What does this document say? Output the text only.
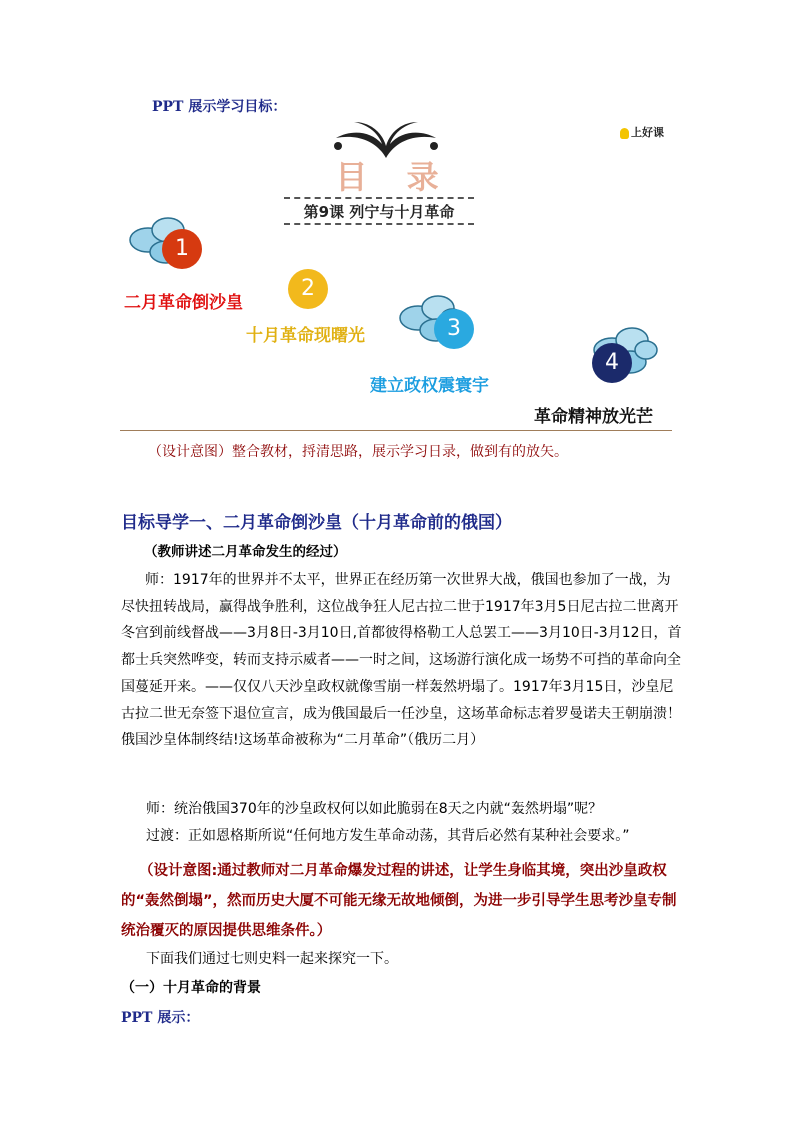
PPT 展示学习目标：
目 录
第9课 列宁与十月革命
上好课
1
二月革命倒沙皇
2
十月革命现曙光	3
建立政权震寰宇
4
革命精神放光芒
（设计意图）整合教材，捋清思路，展示学习日录，做到有的放矢。
目标导学一、二月革命倒沙皇（十月革命前的俄国）
（教师讲述二月革命发生的经过）
师：1917年的世界并不太平，世界正在经历第一次世界大战，俄国也参加了一战，为尽快扭转战局，赢得战争胜利，这位战争狂人尼古拉二世于1917年3月5日尼古拉二世离开冬宫到前线督战——3月8日-3月10日,首都彼得格勒工人总罢工——3月10日-3月12日，首都士兵突然哗变，转而支持示威者——一时之间，这场游行演化成一场势不可挡的革命向全国蔓延开来。——仅仅八天沙皇政权就像雪崩一样轰然坍塌了。1917年3月15日，沙皇尼古拉二世无奈签下退位宣言，成为俄国最后一任沙皇，这场革命标志着罗曼诺夫王朝崩溃！俄国沙皇体制终结!这场革命被称为“二月革命”（俄历二月）
师：统治俄国370年的沙皇政权何以如此脆弱在8天之内就“轰然坍塌”呢？
过渡：正如恩格斯所说“任何地方发生革命动荡，其背后必然有某种社会要求。”
（设计意图:通过教师对二月革命爆发过程的讲述，让学生身临其境，突出沙皇政权的“轰然倒塌”，然而历史大厦不可能无缘无故地倾倒，为进一步引导学生思考沙皇专制统治覆灭的原因提供思维条件。）
下面我们通过七则史料一起来探究一下。
（一）十月革命的背景
PPT 展示：
